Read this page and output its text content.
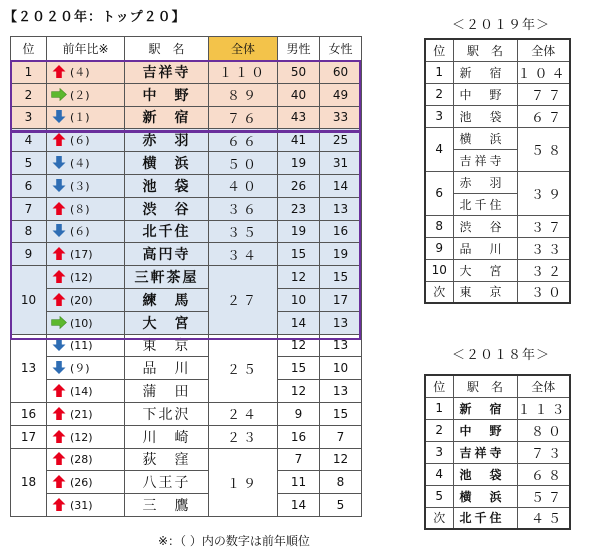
【２０２０年：トップ２０】
位	前年比※	駅　名	全体	男性	女性
1	(４)	吉祥寺	１１０	50	60
2	(２)	中　野	８９	40	49
3	(１)	新　宿	７６	43	33
4	(６)	赤　羽	６６	41	25
5	(４)	横　浜	５０	19	31
6	(３)	池　袋	４０	26	14
7	(８)	渋　谷	３６	23	13
8	(６)	北千住	３５	19	16
9	(17)	高円寺	３４	15	19
10	(12)	三軒茶屋	２７	12	15
	(20)	練　馬		10	17
	(10)	大　宮		14	13
13	(11)	東　京	２５	12	13
	(９)	品　川		15	10
	(14)	蒲　田		12	13
16	(21)	下北沢	２４	9	15
17	(12)	川　崎	２３	16	7
18	(28)	荻　窪	１９	7	12
	(26)	八王子		11	8
	(31)	三　鷹		14	5
※：（ ）内の数字は前年順位
＜２０１９年＞
位	駅　名	全体
1	新　宿	１０４
2	中　野	７７
3	池　袋	６７
4	横　浜	５８
	吉祥寺	
6	赤　羽	３９
	北千住	
8	渋　谷	３７
9	品　川	３３
10	大　宮	３２
次	東　京	３０
＜２０１８年＞
位	駅　名	全体
1	新　宿	１１３
2	中　野	８０
3	吉祥寺	７３
4	池　袋	６８
5	横　浜	５７
次	北千住	４５
